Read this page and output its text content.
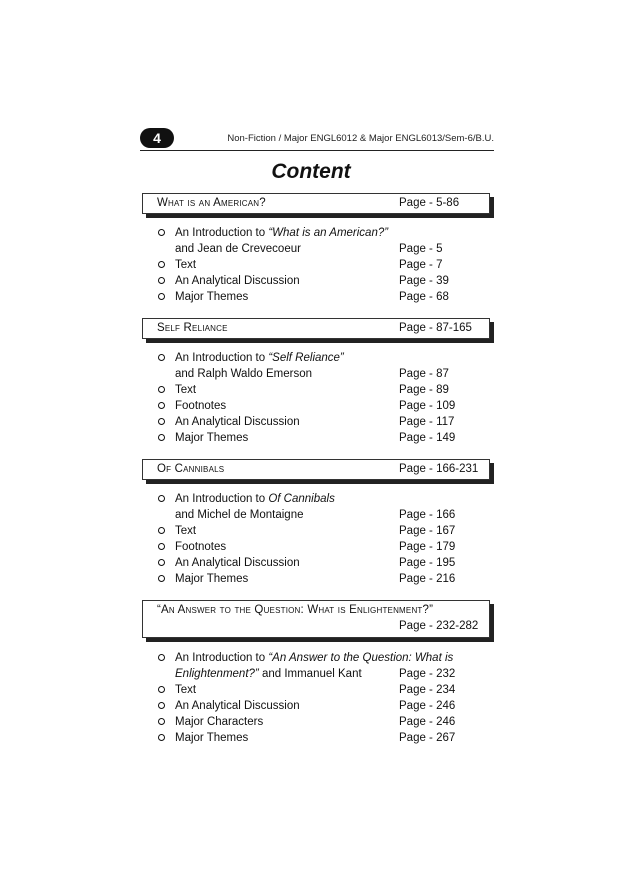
4	Non-Fiction / Major ENGL6012 & Major ENGL6013/Sem-6/B.U.
Content
What is an American?	Page - 5-86
An Introduction to “What is an American?”
and Jean de Crevecoeur	Page - 5
Text	Page - 7
An Analytical Discussion	Page - 39
Major Themes	Page - 68
Self Reliance	Page - 87-165
An Introduction to “Self Reliance”
and Ralph Waldo Emerson	Page - 87
Text	Page - 89
Footnotes	Page - 109
An Analytical Discussion	Page - 117
Major Themes	Page - 149
Of Cannibals	Page - 166-231
An Introduction to Of Cannibals
and Michel de Montaigne	Page - 166
Text	Page - 167
Footnotes	Page - 179
An Analytical Discussion	Page - 195
Major Themes	Page - 216
“An Answer to the Question: What is Enlightenment?”
Page - 232-282
An Introduction to “An Answer to the Question: What is
Enlightenment?” and Immanuel Kant	Page - 232
Text	Page - 234
An Analytical Discussion	Page - 246
Major Characters	Page - 246
Major Themes	Page - 267
